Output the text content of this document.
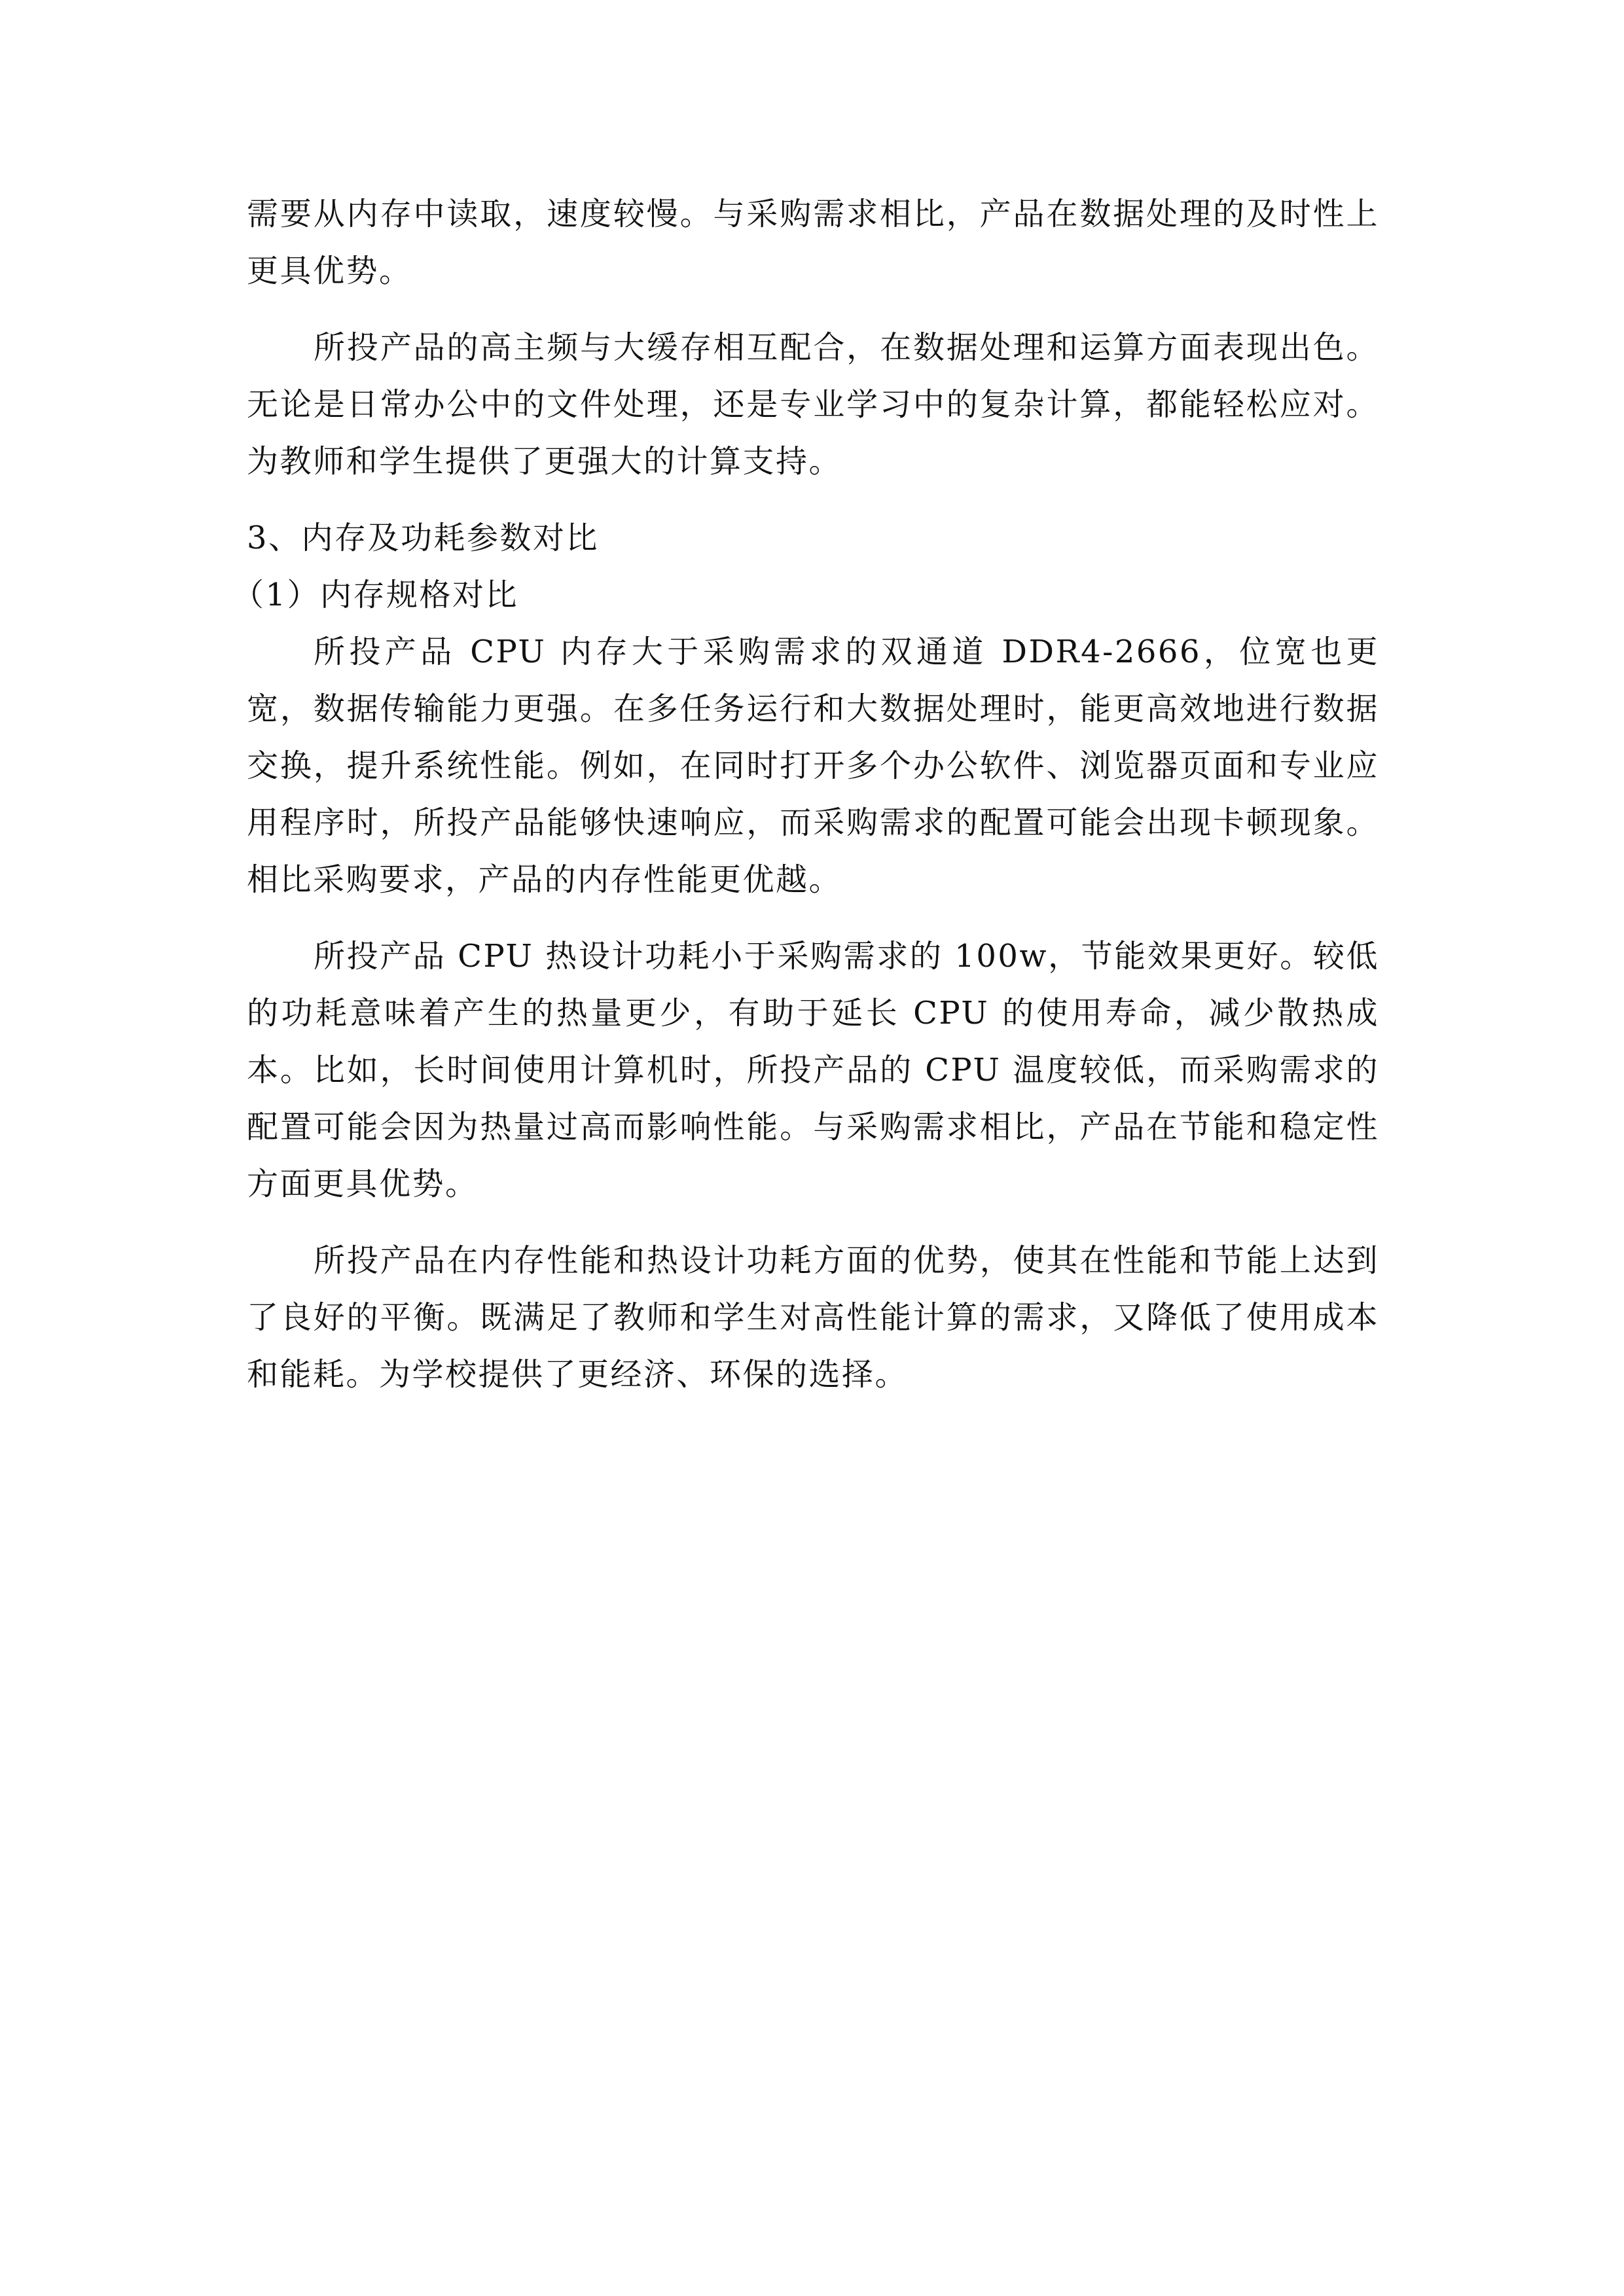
需要从内存中读取，速度较慢。与采购需求相比，产品在数据处理的及时性上更具优势。

所投产品的高主频与大缓存相互配合，在数据处理和运算方面表现出色。无论是日常办公中的文件处理，还是专业学习中的复杂计算，都能轻松应对。为教师和学生提供了更强大的计算支持。

3、内存及功耗参数对比

（1）内存规格对比

所投产品 CPU 内存大于采购需求的双通道 DDR4-2666，位宽也更宽，数据传输能力更强。在多任务运行和大数据处理时，能更高效地进行数据交换，提升系统性能。例如，在同时打开多个办公软件、浏览器页面和专业应用程序时，所投产品能够快速响应，而采购需求的配置可能会出现卡顿现象。相比采购要求，产品的内存性能更优越。

所投产品 CPU 热设计功耗小于采购需求的 100w，节能效果更好。较低的功耗意味着产生的热量更少，有助于延长 CPU 的使用寿命，减少散热成本。比如，长时间使用计算机时，所投产品的 CPU 温度较低，而采购需求的配置可能会因为热量过高而影响性能。与采购需求相比，产品在节能和稳定性方面更具优势。

所投产品在内存性能和热设计功耗方面的优势，使其在性能和节能上达到了良好的平衡。既满足了教师和学生对高性能计算的需求，又降低了使用成本和能耗。为学校提供了更经济、环保的选择。
